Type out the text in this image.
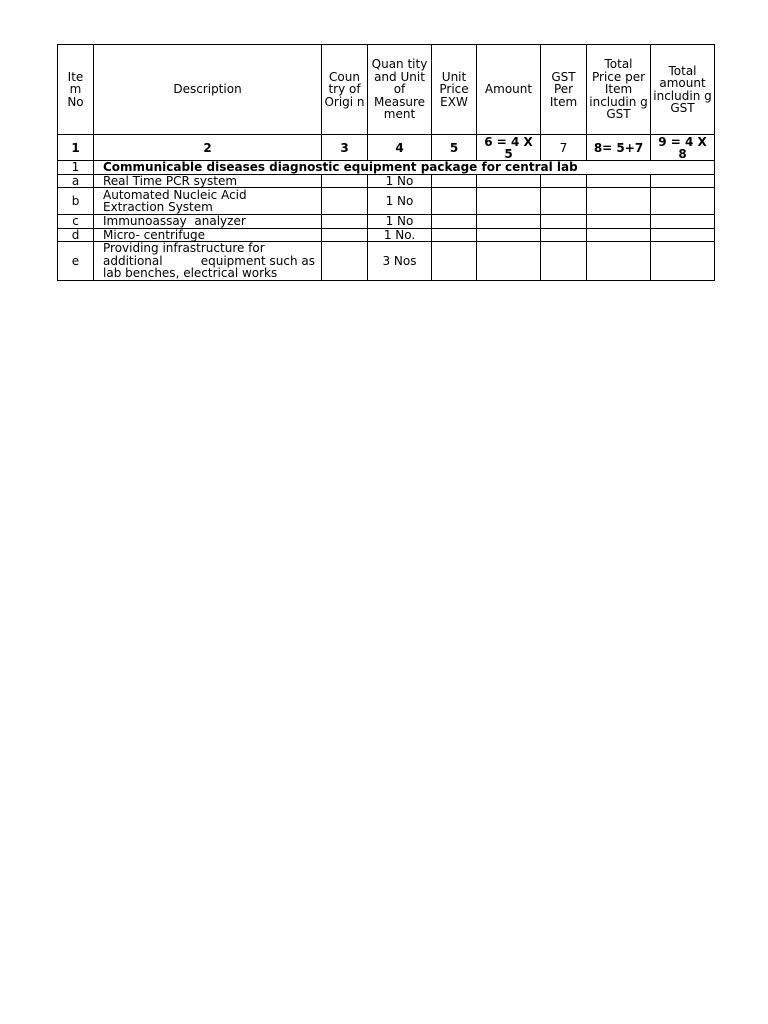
Ite m No	Description	Coun try of Origi n	Quan tity and Unit of Measure ment	Unit Price EXW	Amount	GST Per Item	Total Price per Item includin g GST	Total amount includin g GST
1	2	3	4	5	6 = 4 X 5	7	8= 5+7	9 = 4 X 8
1	Communicable diseases diagnostic equipment package for central lab							
a	Real Time PCR system		1 No					
b	Automated Nucleic Acid    Extraction System		1 No					
c	Immunoassay  analyzer		1 No					
d	Micro- centrifuge		1 No.					
e	Providing infrastructure for additional          equipment such as lab benches, electrical works		3 Nos					
